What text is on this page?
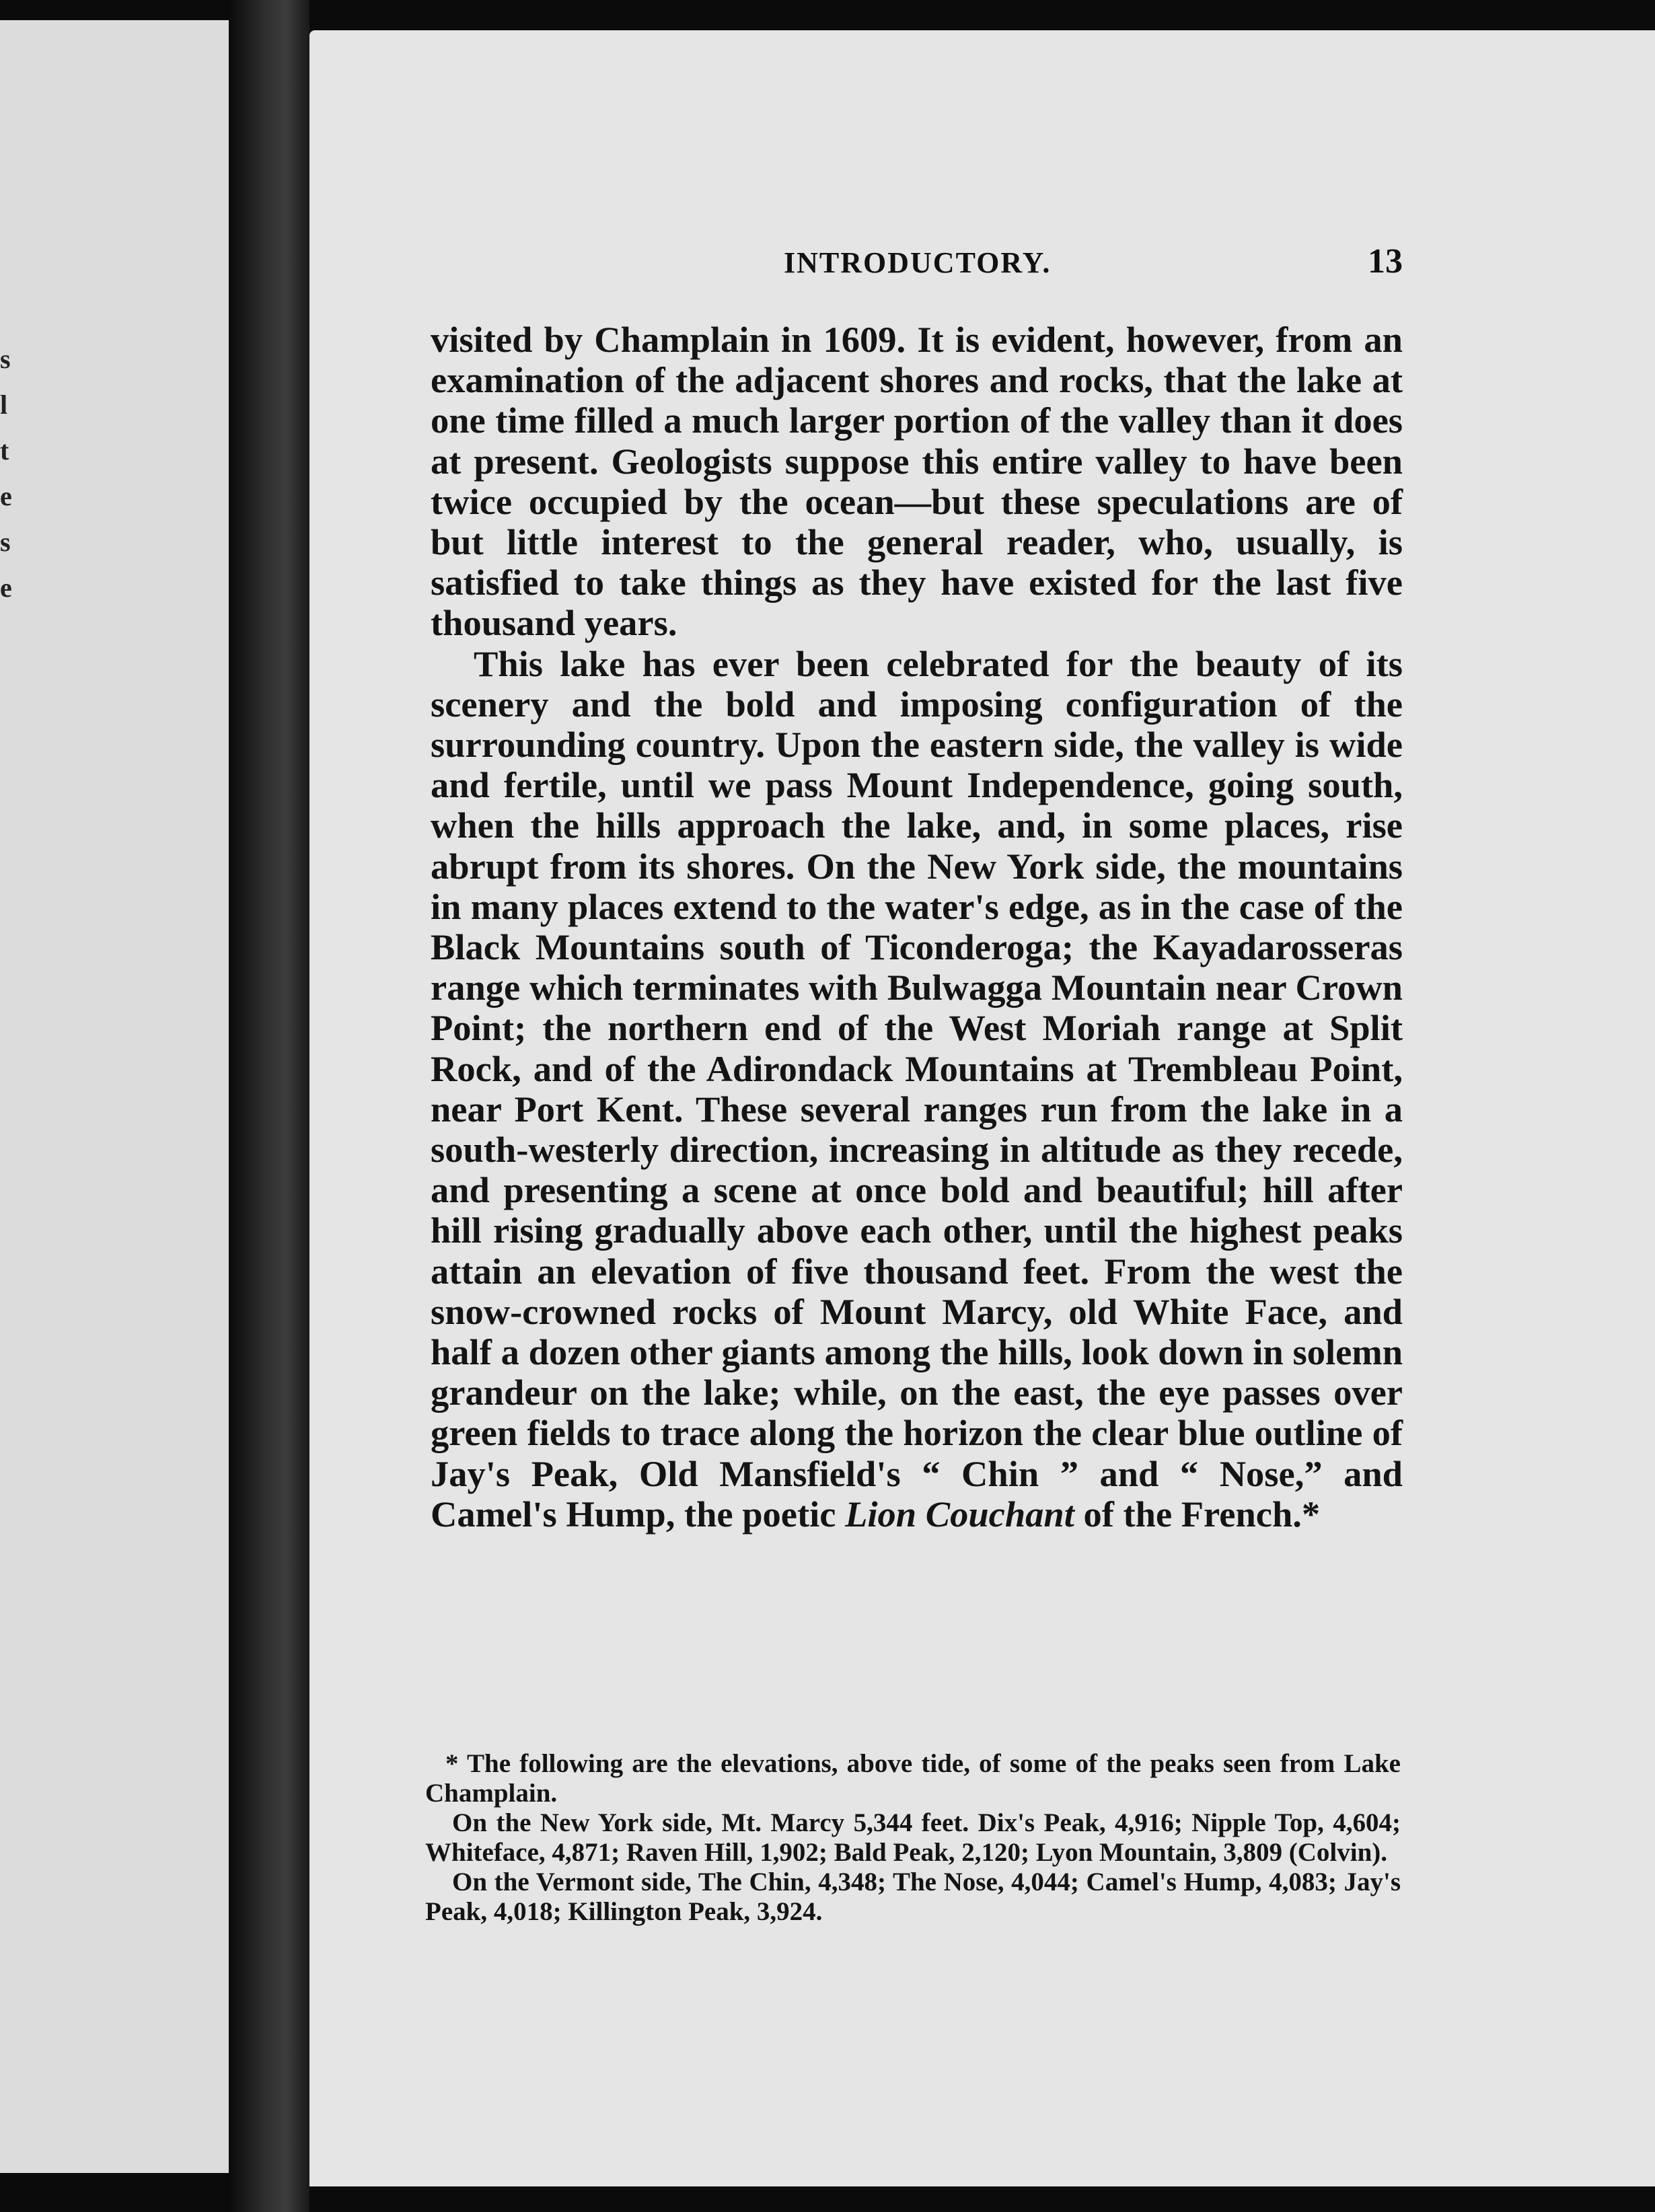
s
l
t
e
s
e
INTRODUCTORY.	13

visited by Champlain in 1609. It is evident, however, from an examination of the adjacent shores and rocks, that the lake at one time filled a much larger portion of the valley than it does at present. Geologists suppose this entire valley to have been twice occupied by the ocean—but these speculations are of but little interest to the general reader, who, usually, is satisfied to take things as they have existed for the last five thousand years.

This lake has ever been celebrated for the beauty of its scenery and the bold and imposing configuration of the surrounding country. Upon the eastern side, the valley is wide and fertile, until we pass Mount Independence, going south, when the hills approach the lake, and, in some places, rise abrupt from its shores. On the New York side, the mountains in many places extend to the water's edge, as in the case of the Black Mountains south of Ticonderoga; the Kayadarosseras range which terminates with Bulwagga Mountain near Crown Point; the northern end of the West Moriah range at Split Rock, and of the Adirondack Mountains at Trembleau Point, near Port Kent. These several ranges run from the lake in a south-westerly direction, increasing in altitude as they recede, and presenting a scene at once bold and beautiful; hill after hill rising gradually above each other, until the highest peaks attain an elevation of five thousand feet. From the west the snow-crowned rocks of Mount Marcy, old White Face, and half a dozen other giants among the hills, look down in solemn grandeur on the lake; while, on the east, the eye passes over green fields to trace along the horizon the clear blue outline of Jay's Peak, Old Mansfield's “ Chin ” and “ Nose,” and Camel's Hump, the poetic Lion Couchant of the French.*

* The following are the elevations, above tide, of some of the peaks seen from Lake Champlain.

On the New York side, Mt. Marcy 5,344 feet. Dix's Peak, 4,916; Nipple Top, 4,604; Whiteface, 4,871; Raven Hill, 1,902; Bald Peak, 2,120; Lyon Mountain, 3,809 (Colvin).

On the Vermont side, The Chin, 4,348; The Nose, 4,044; Camel's Hump, 4,083; Jay's Peak, 4,018; Killington Peak, 3,924.
